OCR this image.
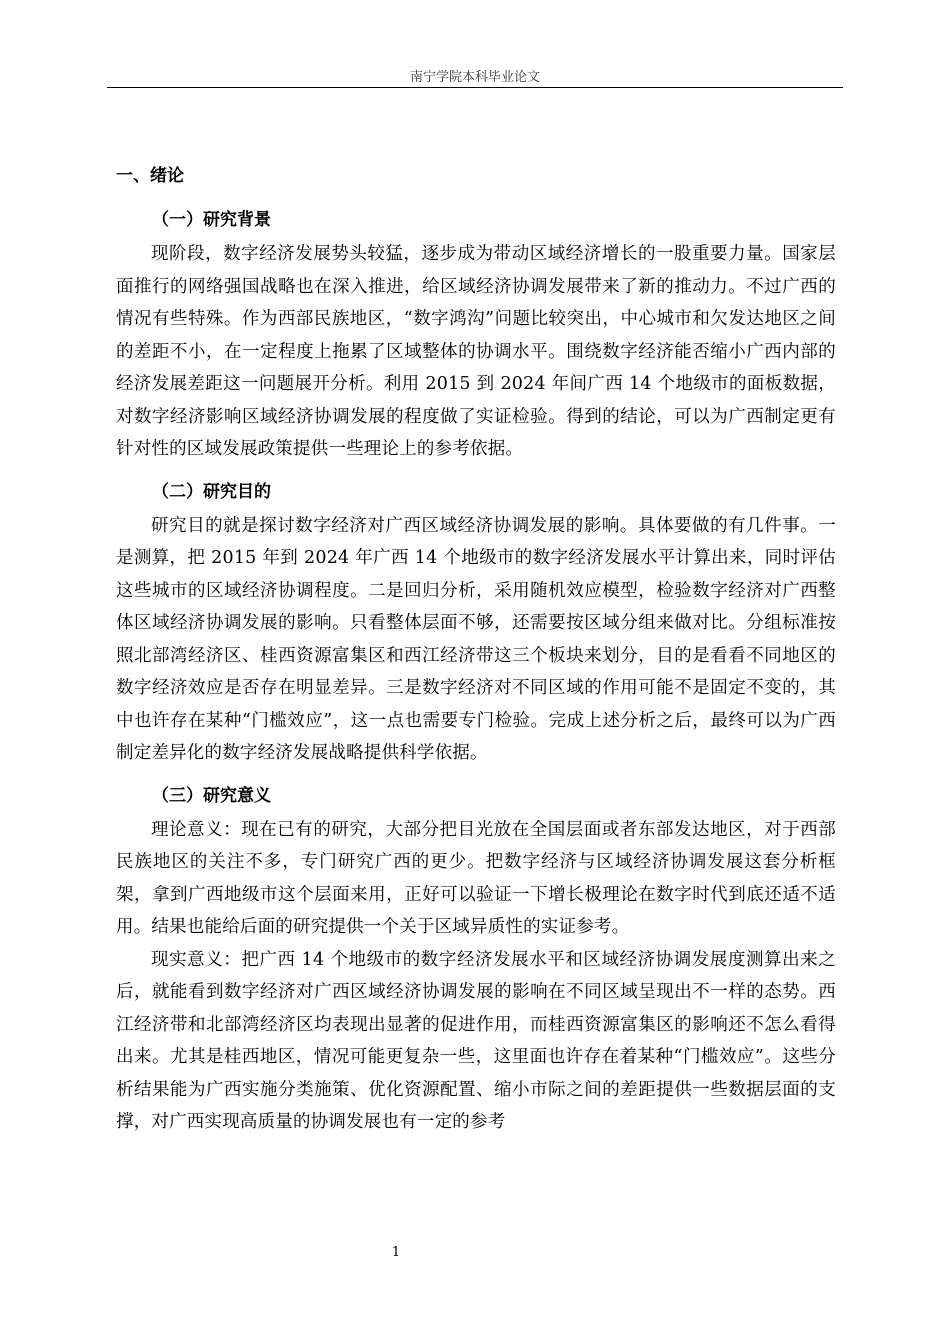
南宁学院本科毕业论文
一、绪论
（一）研究背景

现阶段，数字经济发展势头较猛，逐步成为带动区域经济增长的一股重要力量。国家层面推行的网络强国战略也在深入推进，给区域经济协调发展带来了新的推动力。不过广西的情况有些特殊。作为西部民族地区，“数字鸿沟”问题比较突出，中心城市和欠发达地区之间的差距不小，在一定程度上拖累了区域整体的协调水平。围绕数字经济能否缩小广西内部的经济发展差距这一问题展开分析。利用 2015 到 2024 年间广西 14 个地级市的面板数据，对数字经济影响区域经济协调发展的程度做了实证检验。得到的结论，可以为广西制定更有针对性的区域发展政策提供一些理论上的参考依据。

（二）研究目的

研究目的就是探讨数字经济对广西区域经济协调发展的影响。具体要做的有几件事。一是测算，把 2015 年到 2024 年广西 14 个地级市的数字经济发展水平计算出来，同时评估这些城市的区域经济协调程度。二是回归分析，采用随机效应模型，检验数字经济对广西整体区域经济协调发展的影响。只看整体层面不够，还需要按区域分组来做对比。分组标准按照北部湾经济区、桂西资源富集区和西江经济带这三个板块来划分，目的是看看不同地区的数字经济效应是否存在明显差异。三是数字经济对不同区域的作用可能不是固定不变的，其中也许存在某种“门槛效应”，这一点也需要专门检验。完成上述分析之后，最终可以为广西制定差异化的数字经济发展战略提供科学依据。

（三）研究意义

理论意义：现在已有的研究，大部分把目光放在全国层面或者东部发达地区，对于西部民族地区的关注不多，专门研究广西的更少。把数字经济与区域经济协调发展这套分析框架，拿到广西地级市这个层面来用，正好可以验证一下增长极理论在数字时代到底还适不适用。结果也能给后面的研究提供一个关于区域异质性的实证参考。

现实意义：把广西 14 个地级市的数字经济发展水平和区域经济协调发展度测算出来之后，就能看到数字经济对广西区域经济协调发展的影响在不同区域呈现出不一样的态势。西江经济带和北部湾经济区均表现出显著的促进作用，而桂西资源富集区的影响还不怎么看得出来。尤其是桂西地区，情况可能更复杂一些，这里面也许存在着某种“门槛效应”。这些分析结果能为广西实施分类施策、优化资源配置、缩小市际之间的差距提供一些数据层面的支撑，对广西实现高质量的协调发展也有一定的参考

1
